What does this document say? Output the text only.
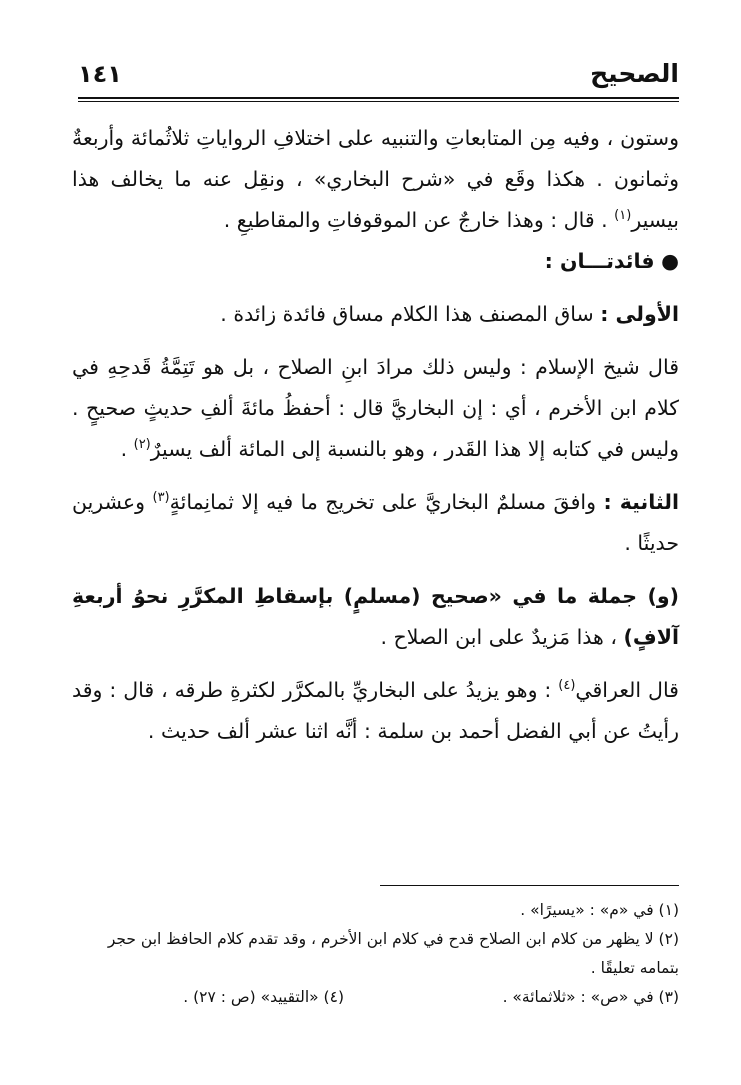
الصحيح
١٤١

وستون ، وفيه مِن المتابعاتِ والتنبيه على اختلافِ الرواياتِ ثلاثُمائة وأربعةٌ وثمانون . هكذا وقَع في «شرح البخاري» ، ونقِل عنه ما يخالف هذا بيسير$^{(١)}$ . قال : وهذا خارجٌ عن الموقوفاتِ والمقاطيعِ .

● فائدتـــان :

الأولى : ساق المصنف هذا الكلام مساق فائدة زائدة .

قال شيخ الإسلام : وليس ذلك مرادَ ابنِ الصلاح ، بل هو تَتِمَّةُ قَدحِهِ في كلام ابن الأخرم ، أي : إن البخاريَّ قال : أحفظُ مائةَ ألفِ حديثٍ صحيحٍ . وليس في كتابه إلا هذا القَدر ، وهو بالنسبة إلى المائة ألف يسيرٌ$^{(٢)}$ .

الثانية : وافقَ مسلمٌ البخاريَّ على تخريج ما فيه إلا ثمانِمائةٍ$^{(٣)}$ وعشرين حديثًا .

(و) جملة ما في «صحيح (مسلمٍ) بإسقاطِ المكرَّرِ نحوُ أربعةِ آلافٍ) ، هذا مَزيدٌ على ابن الصلاح .

قال العراقي$^{(٤)}$ : وهو يزيدُ على البخاريِّ بالمكرَّر لكثرةِ طرقه ، قال : وقد رأيتُ عن أبي الفضل أحمد بن سلمة : أنَّه اثنا عشر ألف حديث .

(١) في «م» : «يسيرًا» .
(٢) لا يظهر من كلام ابن الصلاح قدح في كلام ابن الأخرم ، وقد تقدم كلام الحافظ ابن حجر بتمامه تعليقًا .
(٣) في «ص» : «ثلاثمائة» .
(٤) «التقييد» (ص : ٢٧) .
